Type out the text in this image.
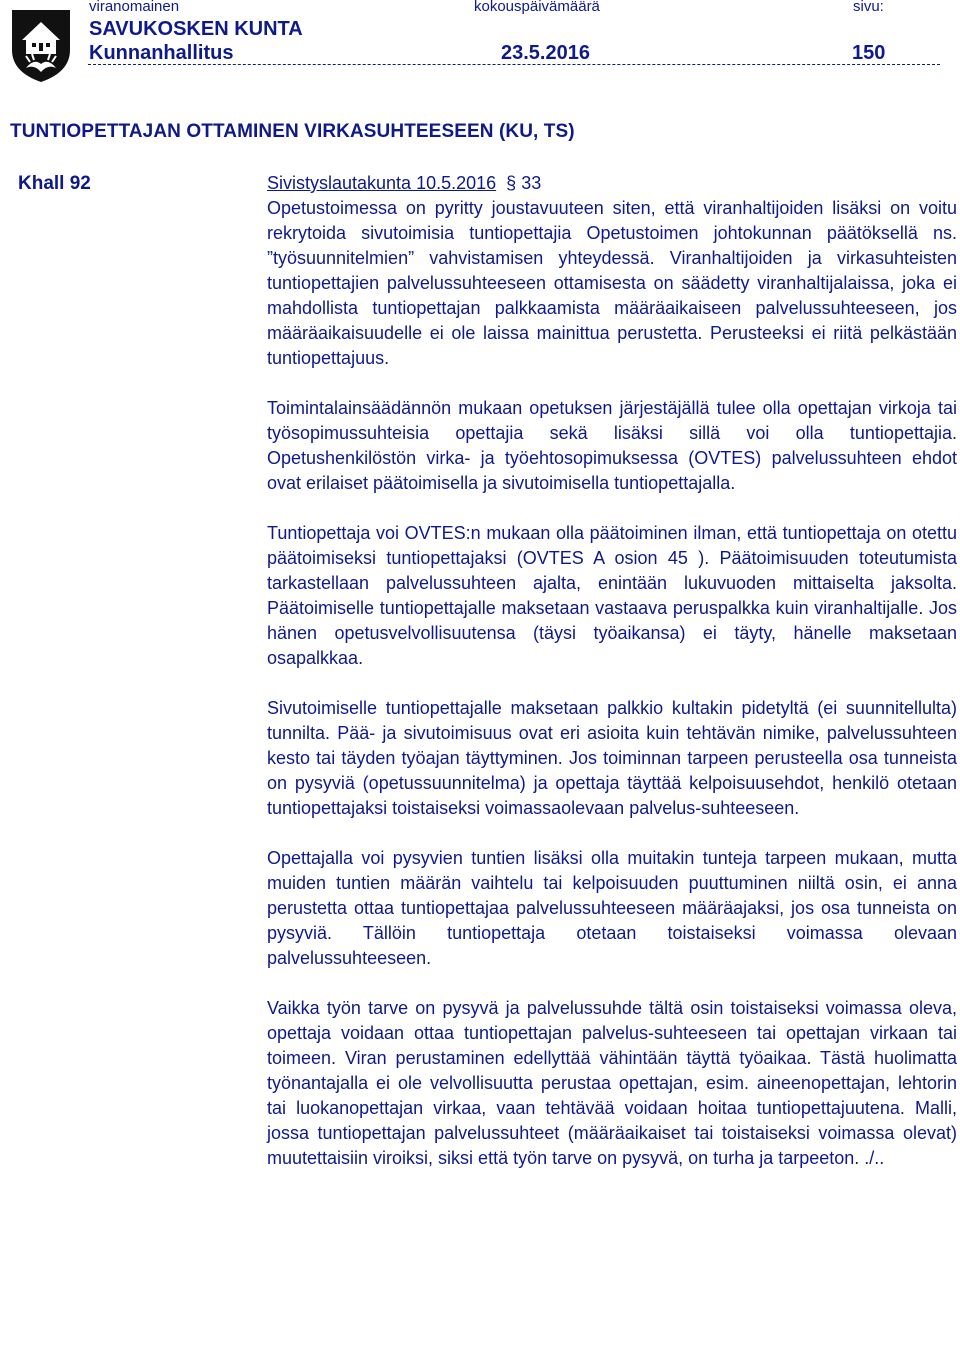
viranomainen	kokouspäivämäärä	sivu:
SAVUKOSKEN KUNTA
Kunnanhallitus	23.5.2016	150
TUNTIOPETTAJAN OTTAMINEN VIRKASUHTEESEEN (KU, TS)
Khall 92	Sivistyslautakunta 10.5.2016  § 33

Opetustoimessa on pyritty joustavuuteen siten, että viranhaltijoiden lisäksi on voitu rekrytoida sivutoimisia tuntiopettajia Opetustoimen johtokunnan päätöksellä ns. ”työsuunnitelmien” vahvistamisen yhteydessä. Viranhaltijoiden ja virkasuhteisten tuntiopettajien palvelussuhteeseen ottamisesta on säädetty viranhaltijalaissa, joka ei mahdollista tuntiopettajan palkkaamista määräaikaiseen palvelussuhteeseen, jos määräaikaisuudelle ei ole laissa mainittua perustetta. Perusteeksi ei riitä pelkästään tuntiopettajuus.

Toimintalainsäädännön mukaan opetuksen järjestäjällä tulee olla opettajan virkoja tai työsopimussuhteisia opettajia sekä lisäksi sillä voi olla tuntiopettajia. Opetushenkilöstön virka- ja työehtosopimuksessa (OVTES) palvelussuhteen ehdot ovat erilaiset päätoimisella ja sivutoimisella tuntiopettajalla.

Tuntiopettaja voi OVTES:n mukaan olla päätoiminen ilman, että tuntiopettaja on otettu päätoimiseksi tuntiopettajaksi (OVTES A osion 45 ). Päätoimisuuden toteutumista tarkastellaan palvelussuhteen ajalta, enintään lukuvuoden mittaiselta jaksolta. Päätoimiselle tuntiopettajalle maksetaan vastaava peruspalkka kuin viranhaltijalle. Jos hänen opetusvelvollisuutensa (täysi työaikansa) ei täyty, hänelle maksetaan osapalkkaa.

Sivutoimiselle tuntiopettajalle maksetaan palkkio kultakin pidetyltä (ei suunnitellulta) tunnilta. Pää- ja sivutoimisuus ovat eri asioita kuin tehtävän nimike, palvelussuhteen kesto tai täyden työajan täyttyminen. Jos toiminnan tarpeen perusteella osa tunneista on pysyviä (opetussuunnitelma) ja opettaja täyttää kelpoisuusehdot, henkilö otetaan tuntiopettajaksi toistaiseksi voimassaolevaan palvelus-suhteeseen.

Opettajalla voi pysyvien tuntien lisäksi olla muitakin tunteja tarpeen mukaan, mutta muiden tuntien määrän vaihtelu tai kelpoisuuden puuttuminen niiltä osin, ei anna perustetta ottaa tuntiopettajaa palvelussuhteeseen määräajaksi, jos osa tunneista on pysyviä. Tällöin tuntiopettaja otetaan toistaiseksi voimassa olevaan palvelussuhteeseen.

Vaikka työn tarve on pysyvä ja palvelussuhde tältä osin toistaiseksi voimassa oleva, opettaja voidaan ottaa tuntiopettajan palvelus-suhteeseen tai opettajan virkaan tai toimeen. Viran perustaminen edellyttää vähintään täyttä työaikaa. Tästä huolimatta työnantajalla ei ole velvollisuutta perustaa opettajan, esim. aineenopettajan, lehtorin tai luokanopettajan virkaa, vaan tehtävää voidaan hoitaa tuntiopettajuutena. Malli, jossa tuntiopettajan palvelussuhteet (määräaikaiset tai toistaiseksi voimassa olevat) muutettaisiin viroiksi, siksi että työn tarve on pysyvä, on turha ja tarpeeton. ./..
